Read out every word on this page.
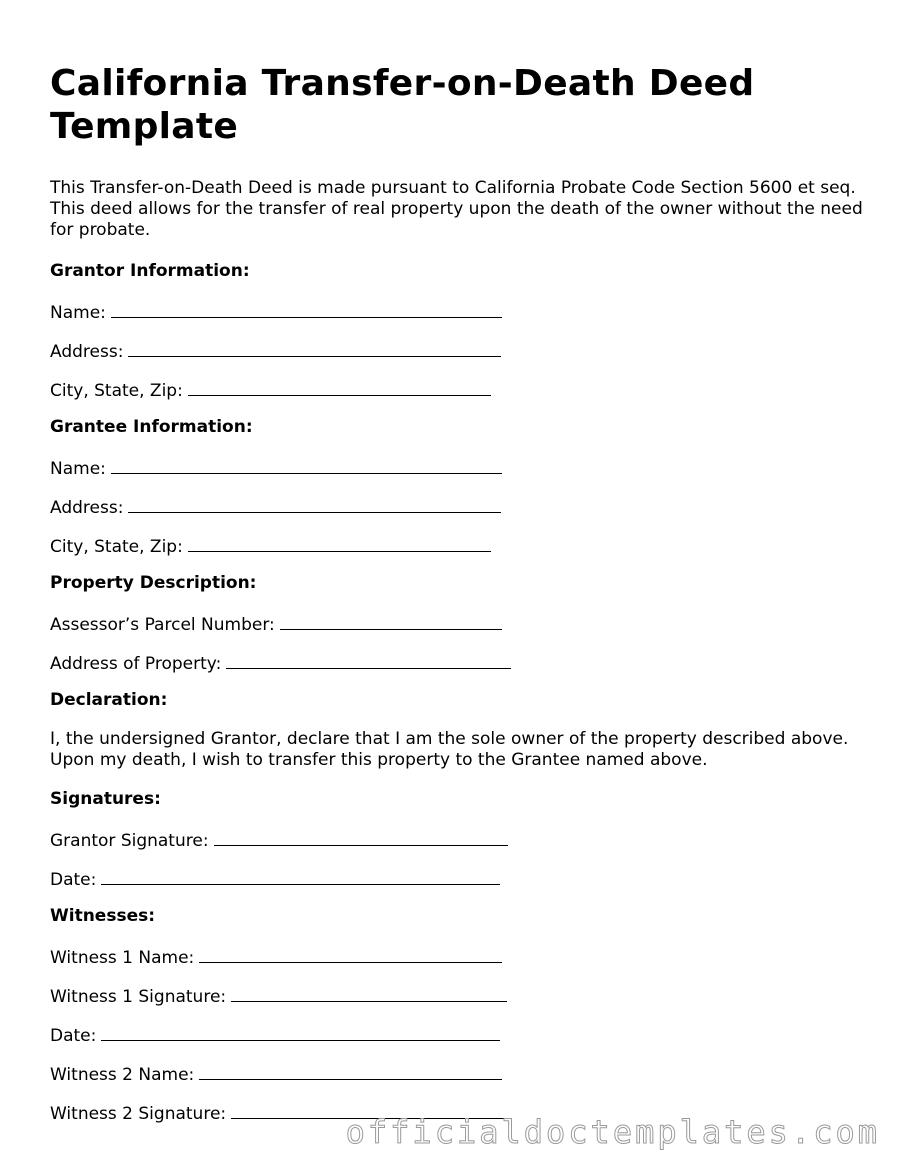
California Transfer-on-Death Deed Template

This Transfer-on-Death Deed is made pursuant to California Probate Code Section 5600 et seq. This deed allows for the transfer of real property upon the death of the owner without the need for probate.

Grantor Information:

Name:

Address:

City, State, Zip:

Grantee Information:

Name:

Address:

City, State, Zip:

Property Description:

Assessor’s Parcel Number:

Address of Property:

Declaration:

I, the undersigned Grantor, declare that I am the sole owner of the property described above. Upon my death, I wish to transfer this property to the Grantee named above.

Signatures:

Grantor Signature:

Date:

Witnesses:

Witness 1 Name:

Witness 1 Signature:

Date:

Witness 2 Name:

Witness 2 Signature:	officialdoctemplates.com
